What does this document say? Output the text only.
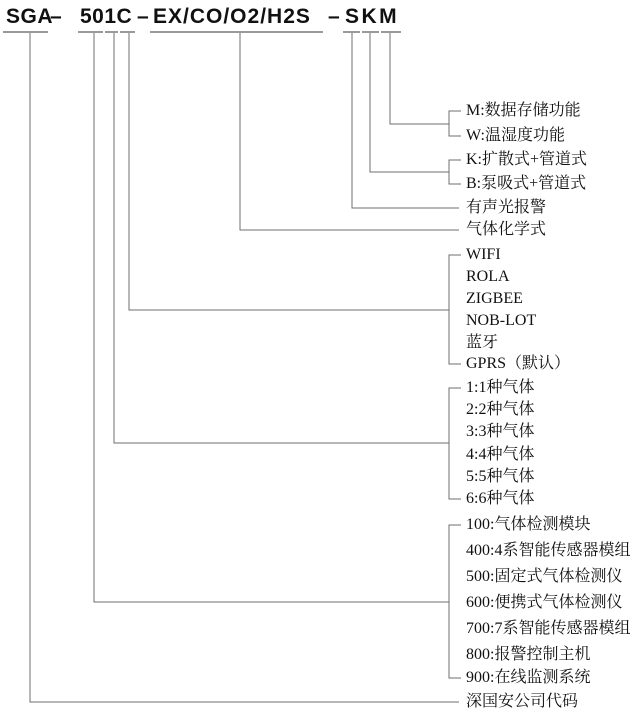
SGA
– 501C – EX/CO/O2/H2S – SKM
M:数据存储功能
W:温湿度功能
K:扩散式+管道式
B:泵吸式+管道式
有声光报警
气体化学式
WIFI
ROLA
ZIGBEE
NOB-LOT
蓝牙
GPRS（默认）
1:1种气体
2:2种气体
3:3种气体
4:4种气体
5:5种气体
6:6种气体
100:气体检测模块
400:4系智能传感器模组
500:固定式气体检测仪
600:便携式气体检测仪
700:7系智能传感器模组
800:报警控制主机
900:在线监测系统
深国安公司代码
